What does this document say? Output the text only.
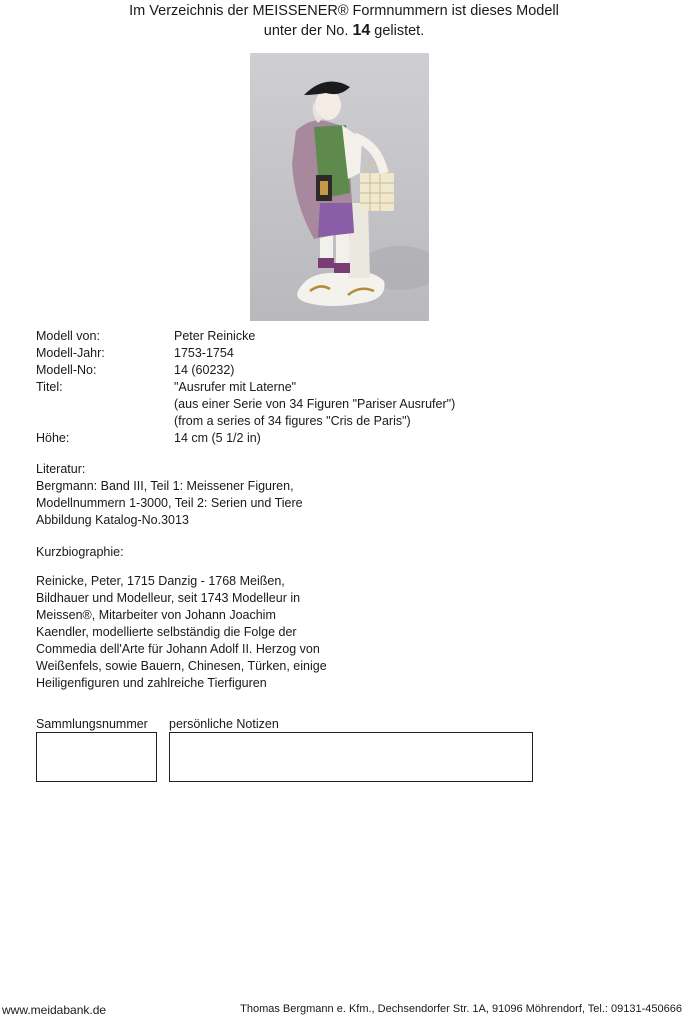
Im Verzeichnis der MEISSENER® Formnummern ist dieses Modell
unter der No. 14 gelistet.
Modell von:	Peter Reinicke
Modell-Jahr:	1753-1754
Modell-No:	14 (60232)
Titel:	"Ausrufer mit Laterne"
(aus einer Serie von 34 Figuren "Pariser Ausrufer")
(from a series of 34 figures "Cris de Paris")
Höhe:	14 cm (5 1/2 in)
Literatur:
Bergmann: Band III, Teil 1: Meissener Figuren,
Modellnummern 1-3000, Teil 2: Serien und Tiere
Abbildung Katalog-No.3013
Kurzbiographie:
Reinicke, Peter, 1715 Danzig - 1768 Meißen,
Bildhauer und Modelleur, seit 1743 Modelleur in
Meissen®, Mitarbeiter von Johann Joachim
Kaendler, modellierte selbständig die Folge der
Commedia dell'Arte für Johann Adolf II. Herzog von
Weißenfels, sowie Bauern, Chinesen, Türken, einige
Heiligenfiguren und zahlreiche Tierfiguren
Sammlungsnummer persönliche Notizen
www.meidabank.de	Thomas Bergmann e. Kfm., Dechsendorfer Str. 1A, 91096 Möhrendorf, Tel.: 09131-450666
